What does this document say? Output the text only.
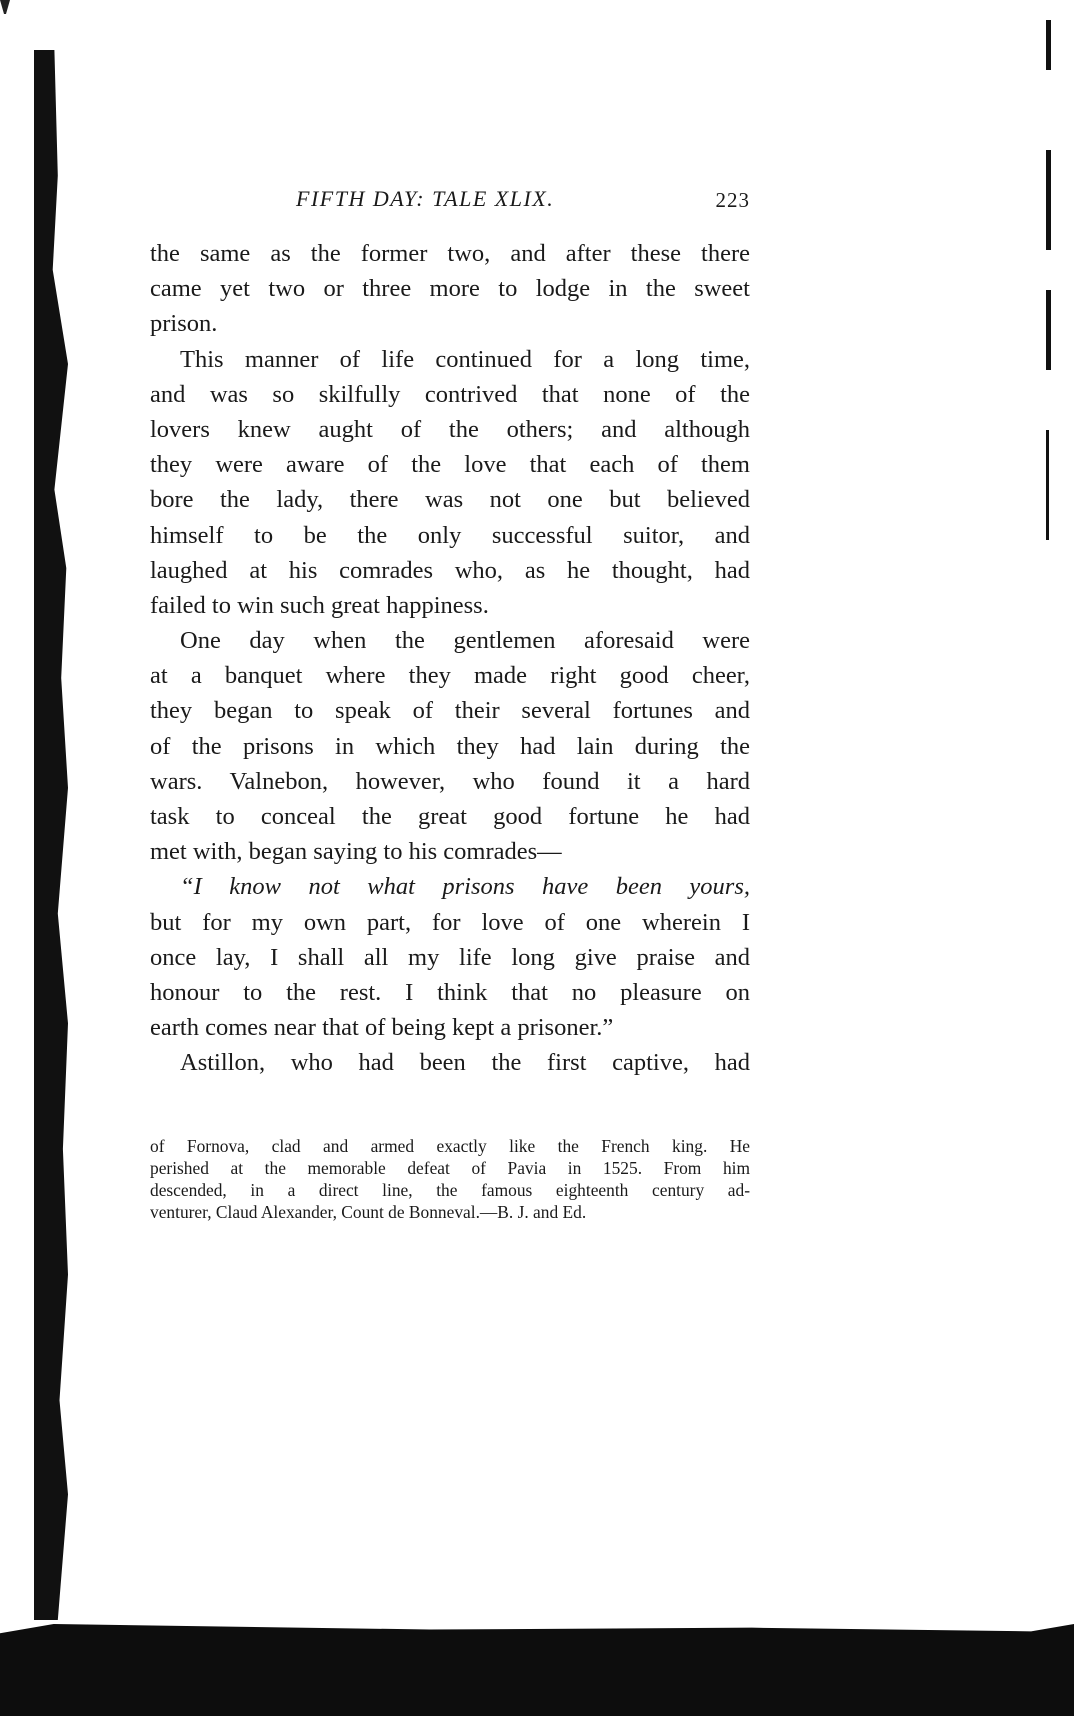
FIFTH DAY: TALE XLIX.	223
the same as the former two, and after these there
came yet two or three more to lodge in the sweet
prison.
This manner of life continued for a long time,
and was so skilfully contrived that none of the
lovers knew aught of the others; and although
they were aware of the love that each of them
bore the lady, there was not one but believed
himself to be the only successful suitor, and
laughed at his comrades who, as he thought, had
failed to win such great happiness.
One day when the gentlemen aforesaid were
at a banquet where they made right good cheer,
they began to speak of their several fortunes and
of the prisons in which they had lain during the
wars. Valnebon, however, who found it a hard
task to conceal the great good fortune he had
met with, began saying to his comrades—
“I know not what prisons have been yours,
but for my own part, for love of one wherein I
once lay, I shall all my life long give praise and
honour to the rest. I think that no pleasure on
earth comes near that of being kept a prisoner.”
Astillon, who had been the first captive, had
of Fornova, clad and armed exactly like the French king. He
perished at the memorable defeat of Pavia in 1525. From him
descended, in a direct line, the famous eighteenth century ad-
venturer, Claud Alexander, Count de Bonneval.—B. J. and Ed.
